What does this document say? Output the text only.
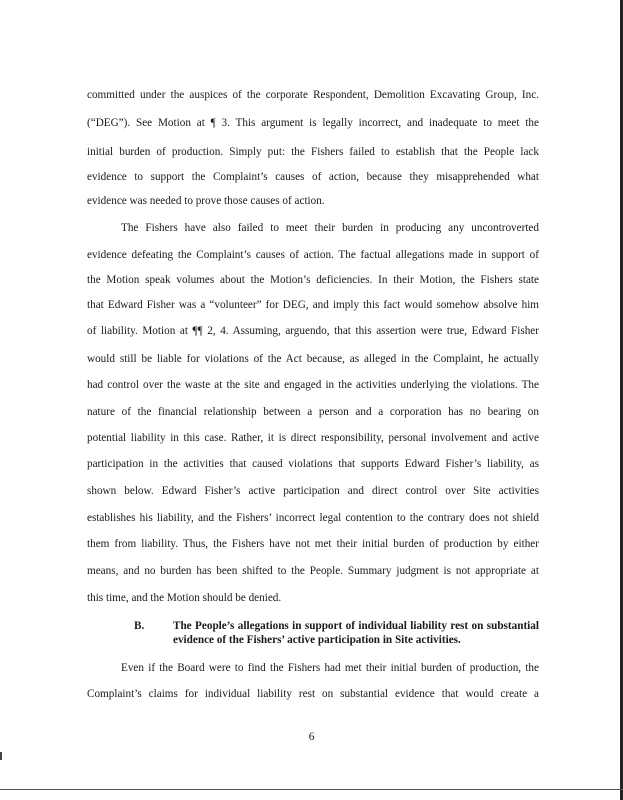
committed under the auspices of the corporate Respondent, Demolition Excavating Group, Inc.
(“DEG”). See Motion at ¶ 3. This argument is legally incorrect, and inadequate to meet the
initial burden of production. Simply put: the Fishers failed to establish that the People lack
evidence to support the Complaint’s causes of action, because they misapprehended what
evidence was needed to prove those causes of action.
The Fishers have also failed to meet their burden in producing any uncontroverted
evidence defeating the Complaint’s causes of action. The factual allegations made in support of
the Motion speak volumes about the Motion’s deficiencies. In their Motion, the Fishers state
that Edward Fisher was a “volunteer” for DEG, and imply this fact would somehow absolve him
of liability. Motion at ¶¶ 2, 4. Assuming, arguendo, that this assertion were true, Edward Fisher
would still be liable for violations of the Act because, as alleged in the Complaint, he actually
had control over the waste at the site and engaged in the activities underlying the violations. The
nature of the financial relationship between a person and a corporation has no bearing on
potential liability in this case. Rather, it is direct responsibility, personal involvement and active
participation in the activities that caused violations that supports Edward Fisher’s liability, as
shown below. Edward Fisher’s active participation and direct control over Site activities
establishes his liability, and the Fishers’ incorrect legal contention to the contrary does not shield
them from liability. Thus, the Fishers have not met their initial burden of production by either
means, and no burden has been shifted to the People. Summary judgment is not appropriate at
this time, and the Motion should be denied.
B.	The People’s allegations in support of individual liability rest on substantial
evidence of the Fishers’ active participation in Site activities.
Even if the Board were to find the Fishers had met their initial burden of production, the
Complaint’s claims for individual liability rest on substantial evidence that would create a
6
